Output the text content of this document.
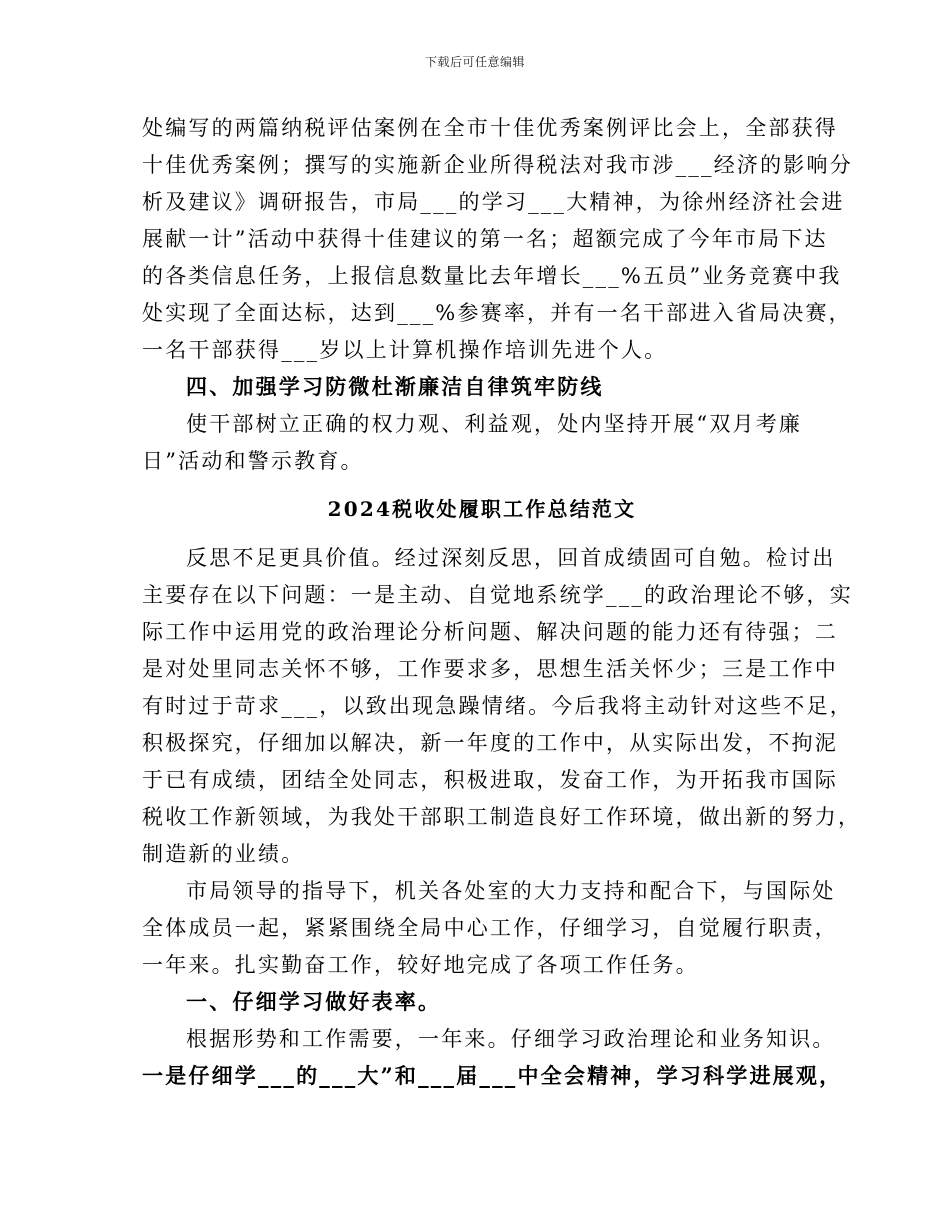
下载后可任意编辑
处编写的两篇纳税评估案例在全市十佳优秀案例评比会上，全部获得
十佳优秀案例；撰写的实施新企业所得税法对我市涉___经济的影响分
析及建议》调研报告，市局___的学习___大精神，为徐州经济社会进
展献一计”活动中获得十佳建议的第一名；超额完成了今年市局下达
的各类信息任务，上报信息数量比去年增长___%五员”业务竞赛中我
处实现了全面达标，达到___%参赛率，并有一名干部进入省局决赛，
一名干部获得___岁以上计算机操作培训先进个人。
四、加强学习防微杜渐廉洁自律筑牢防线
使干部树立正确的权力观、利益观，处内坚持开展“双月考廉
日”活动和警示教育。
2024税收处履职工作总结范文
反思不足更具价值。经过深刻反思，回首成绩固可自勉。检讨出
主要存在以下问题：一是主动、自觉地系统学___的政治理论不够，实
际工作中运用党的政治理论分析问题、解决问题的能力还有待强；二
是对处里同志关怀不够，工作要求多，思想生活关怀少；三是工作中
有时过于苛求___，以致出现急躁情绪。今后我将主动针对这些不足，
积极探究，仔细加以解决，新一年度的工作中，从实际出发，不拘泥
于已有成绩，团结全处同志，积极进取，发奋工作，为开拓我市国际
税收工作新领域，为我处干部职工制造良好工作环境，做出新的努力，
制造新的业绩。
市局领导的指导下，机关各处室的大力支持和配合下，与国际处
全体成员一起，紧紧围绕全局中心工作，仔细学习，自觉履行职责，
一年来。扎实勤奋工作，较好地完成了各项工作任务。
一、仔细学习做好表率。
根据形势和工作需要，一年来。仔细学习政治理论和业务知识。
一是仔细学___的___大”和___届___中全会精神，学习科学进展观，
